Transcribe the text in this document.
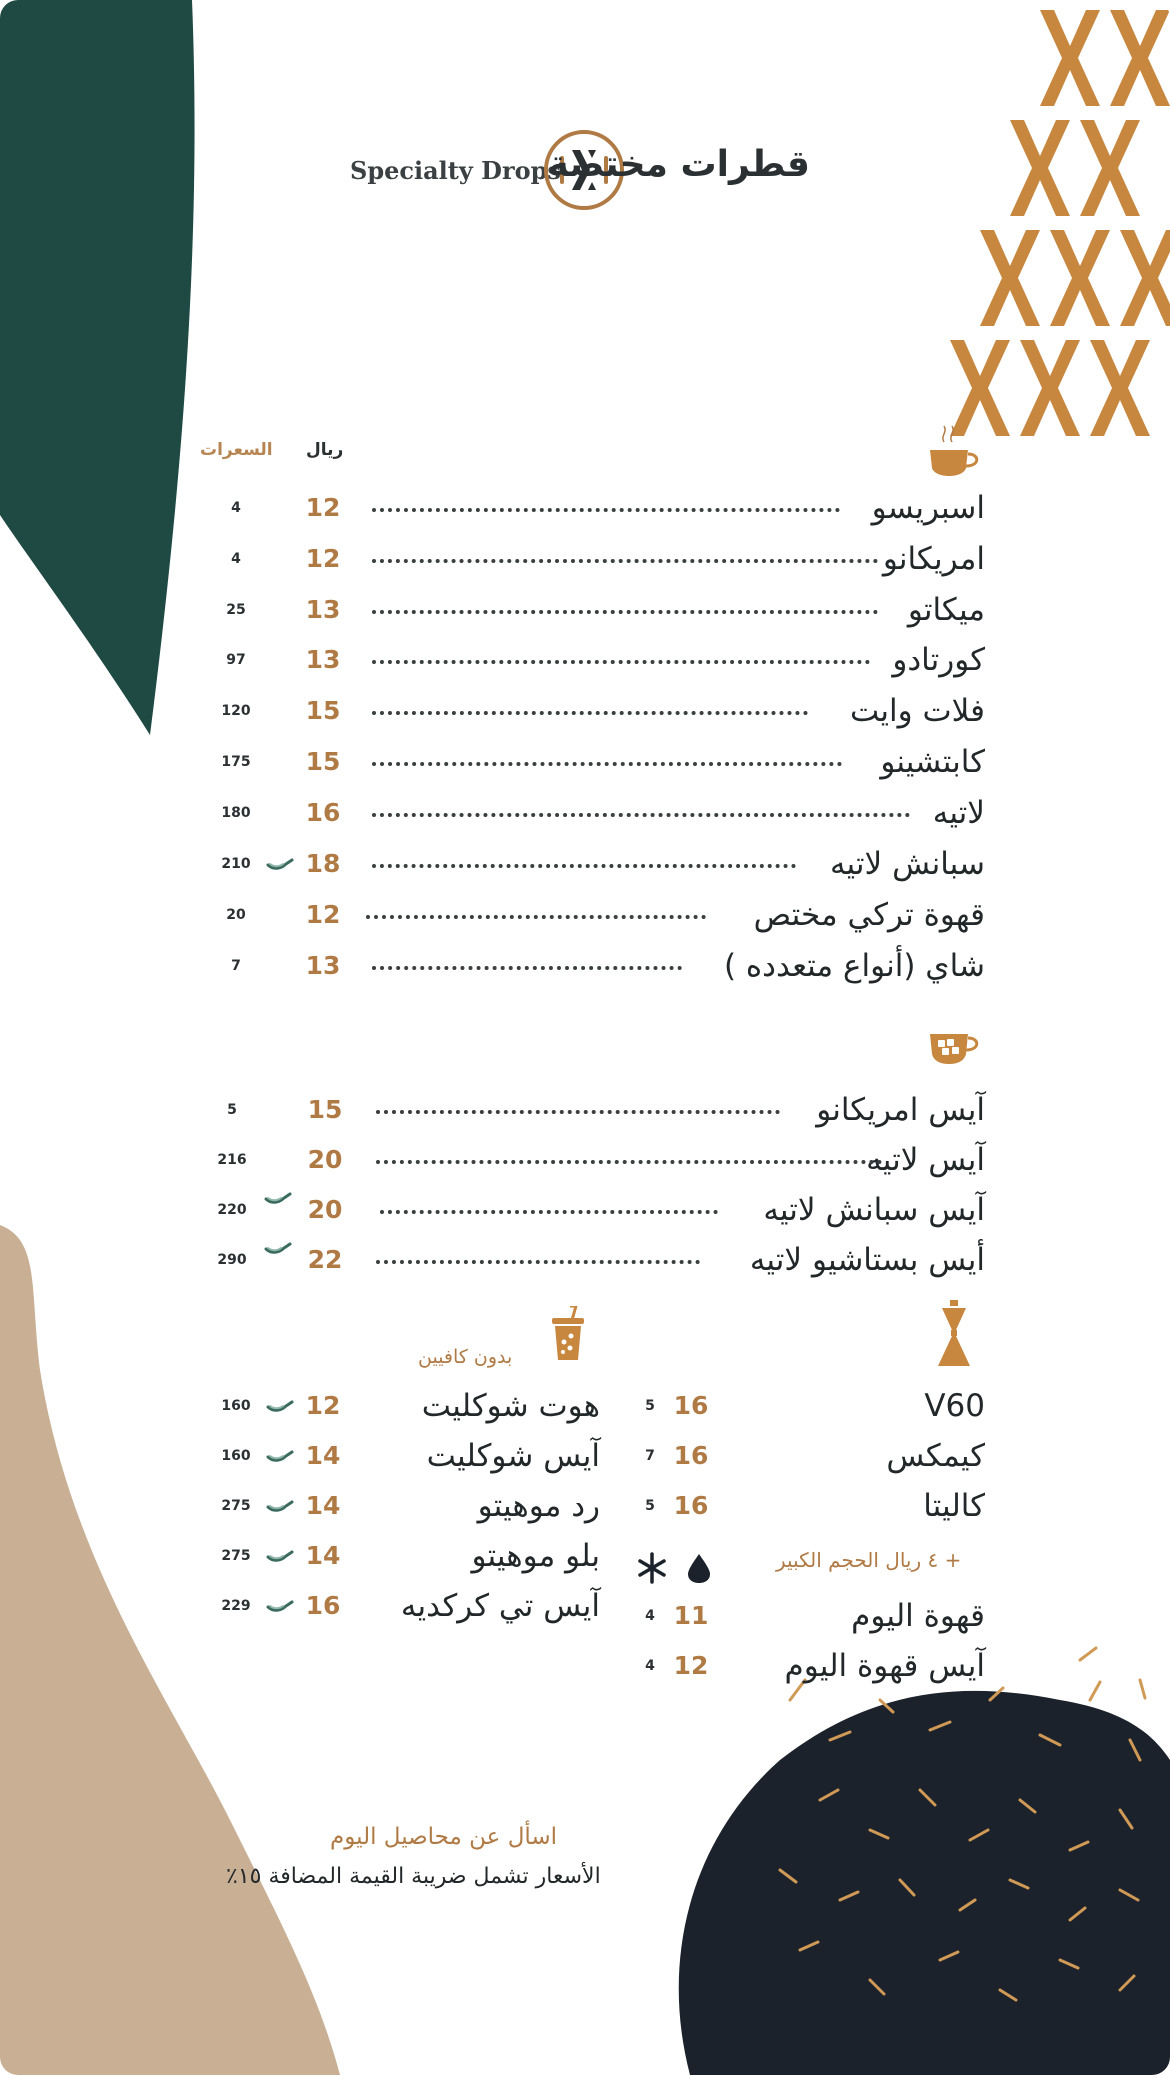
Specialty Drops
قطرات مختصة
ريال
السعرات
اسبريسو
12
4
امريكانو
12
4
ميكاتو
13
25
كورتادو
13
97
فلات وايت
15
120
كابتشينو
15
175
لاتيه
16
180
سبانش لاتيه
18
210
قهوة تركي مختص
12
20
شاي (أنواع متعدده )
13
7
آيس امريكانو
15
5
آيس لاتيه
20
216
آيس سبانش لاتيه
20
220
أيس بستاشيو لاتيه
22
290
بدون كافيين
هوت شوكليت
12
160
آيس شوكليت
14
160
رد موهيتو
14
275
بلو موهيتو
14
275
آيس تي كركديه
16
229
V60
16
5
كيمكس
16
7
كاليتا
16
5
+ ٤ ريال الحجم الكبير
قهوة اليوم
11
4
آيس قهوة اليوم
12
4
اسأل عن محاصيل اليوم
الأسعار تشمل ضريبة القيمة المضافة ١٥٪
